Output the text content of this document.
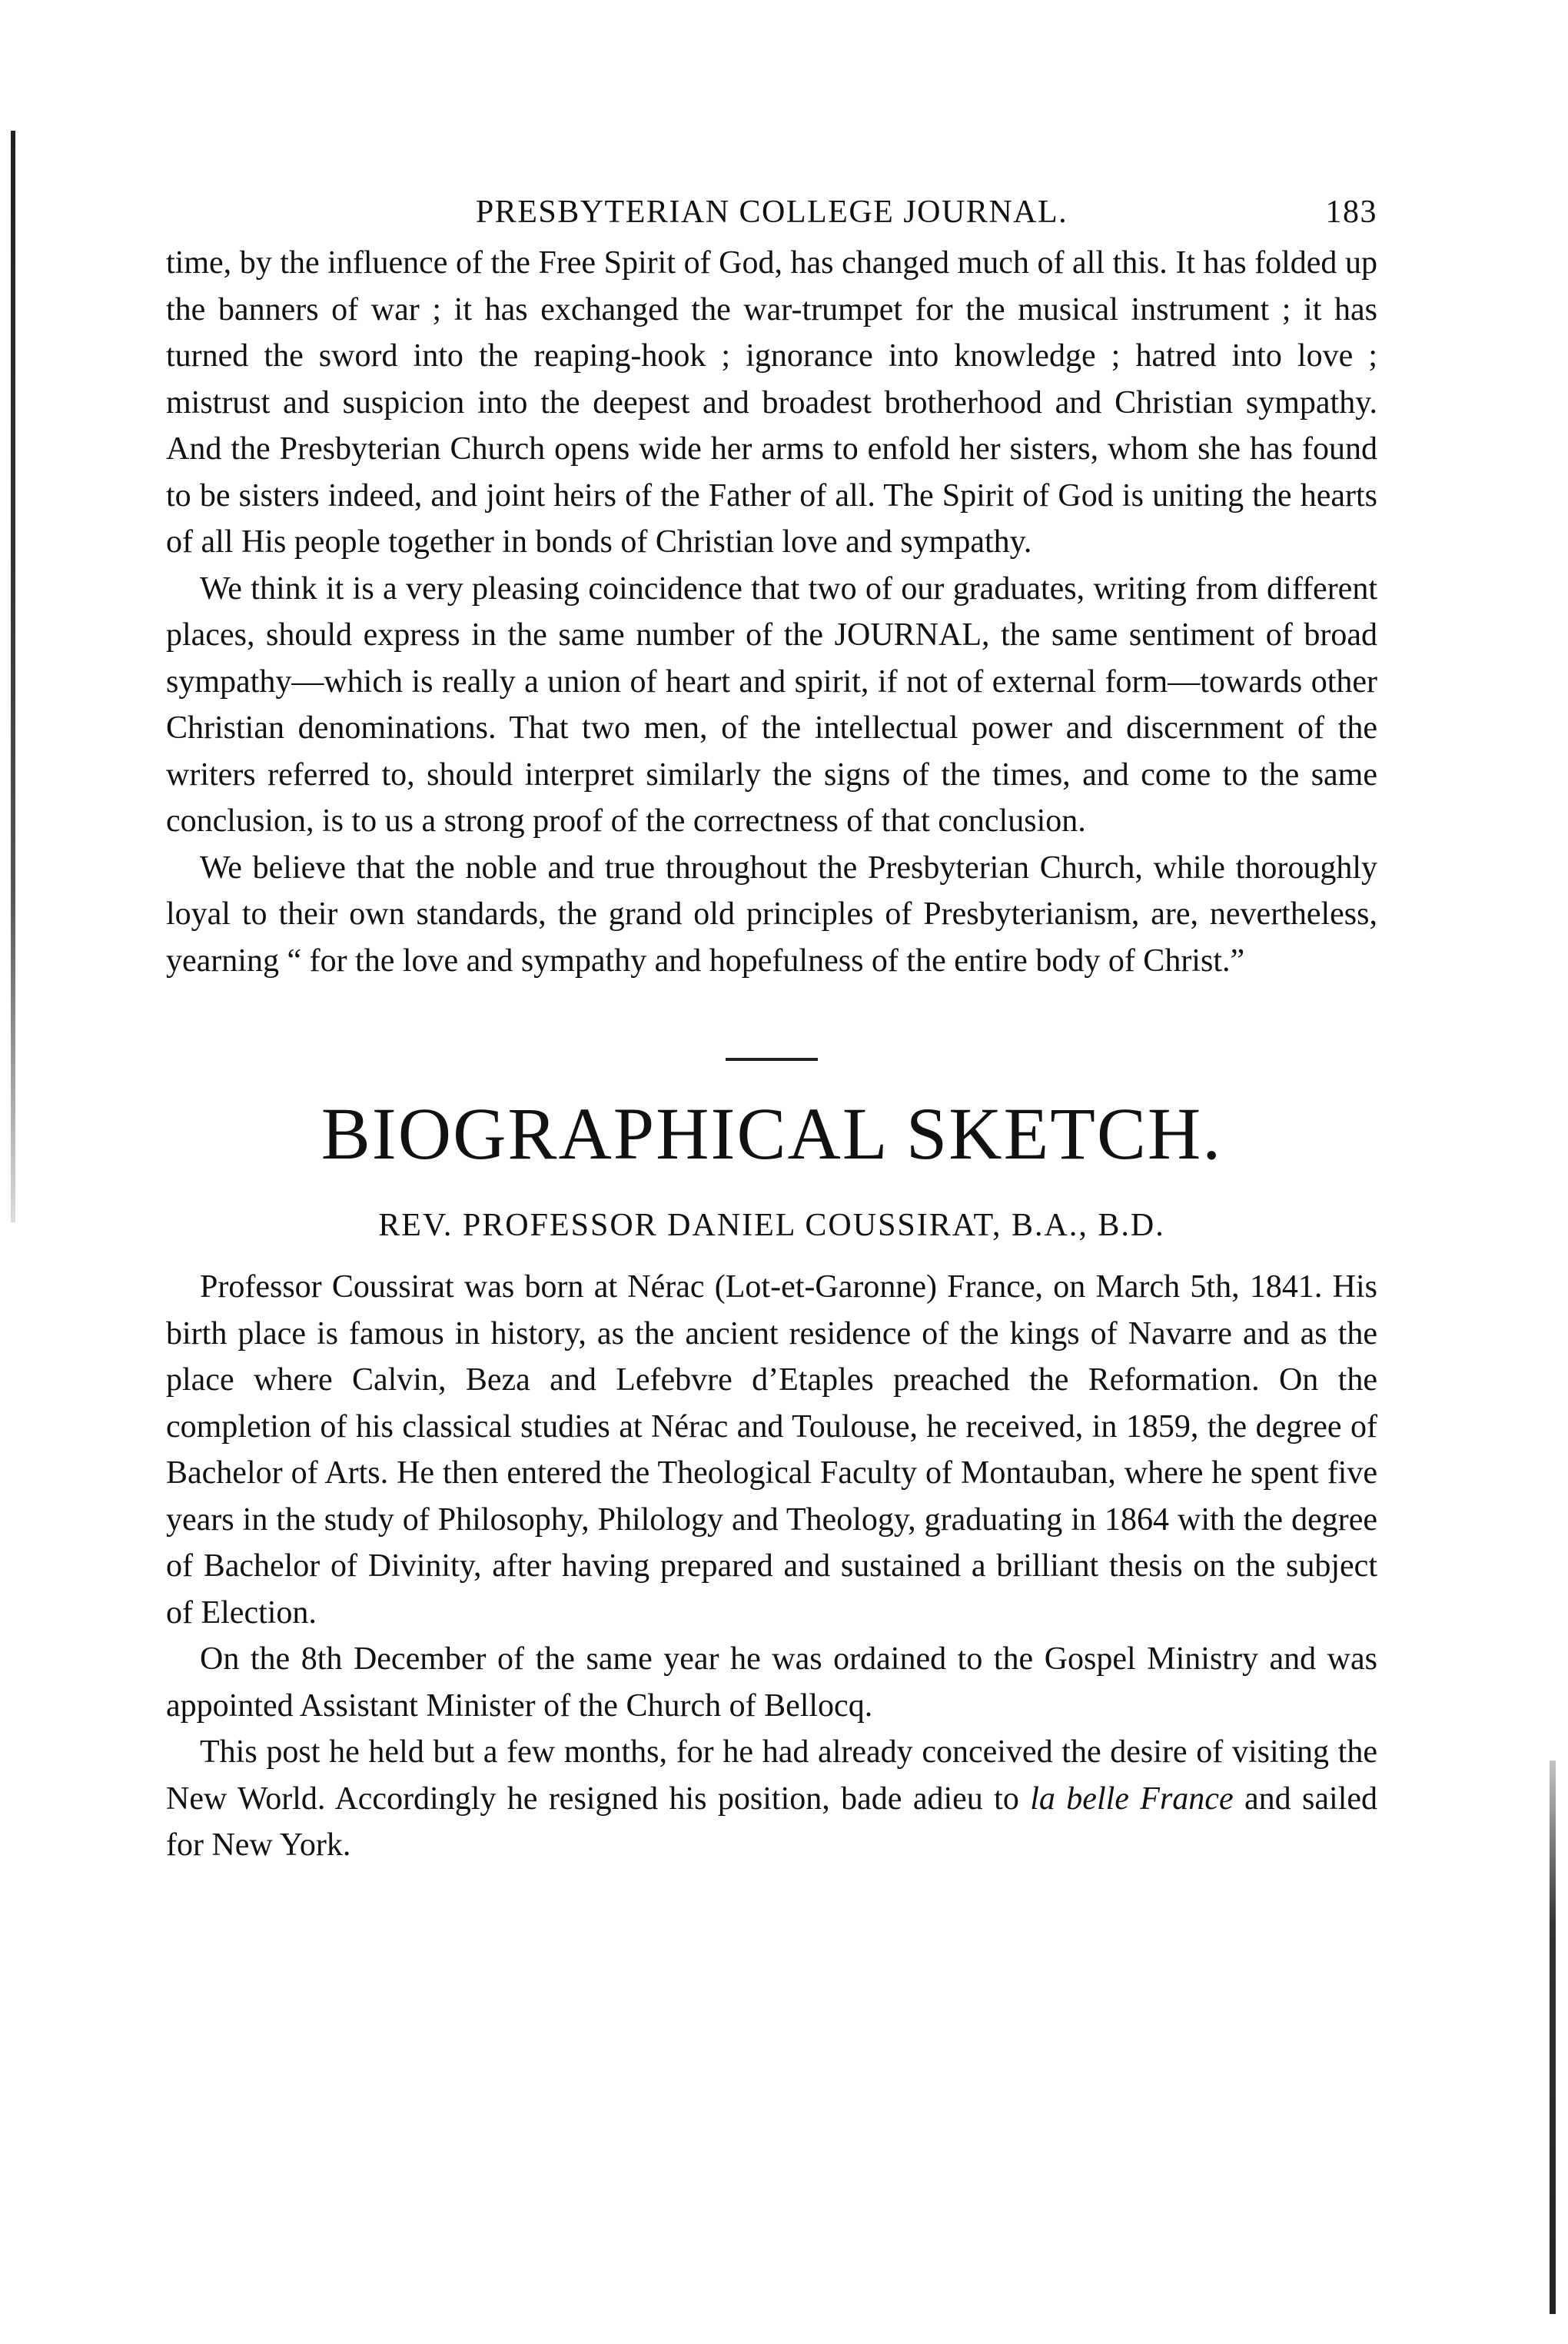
PRESBYTERIAN COLLEGE JOURNAL.	183

time, by the influence of the Free Spirit of God, has changed much of all this. It has folded up the banners of war ; it has exchanged the war-trumpet for the musical instrument ; it has turned the sword into the reaping-hook ; ignorance into knowledge ; hatred into love ; mistrust and suspicion into the deepest and broadest brotherhood and Christian sympathy. And the Presbyterian Church opens wide her arms to enfold her sisters, whom she has found to be sisters indeed, and joint heirs of the Father of all. The Spirit of God is uniting the hearts of all His people together in bonds of Christian love and sympathy.

We think it is a very pleasing coincidence that two of our graduates, writing from different places, should express in the same number of the JOURNAL, the same sentiment of broad sympathy—which is really a union of heart and spirit, if not of external form—towards other Christian denominations. That two men, of the intellectual power and discernment of the writers referred to, should interpret similarly the signs of the times, and come to the same conclusion, is to us a strong proof of the correctness of that conclusion.

We believe that the noble and true throughout the Presbyterian Church, while thoroughly loyal to their own standards, the grand old principles of Presbyterianism, are, nevertheless, yearning “ for the love and sympathy and hopefulness of the entire body of Christ.”

BIOGRAPHICAL SKETCH.
REV. PROFESSOR DANIEL COUSSIRAT, B.A., B.D.

Professor Coussirat was born at Nérac (Lot-et-Garonne) France, on March 5th, 1841. His birth place is famous in history, as the ancient residence of the kings of Navarre and as the place where Calvin, Beza and Lefebvre d’Etaples preached the Reformation. On the completion of his classical studies at Nérac and Toulouse, he received, in 1859, the degree of Bachelor of Arts. He then entered the Theological Faculty of Montauban, where he spent five years in the study of Philosophy, Philology and Theology, graduating in 1864 with the degree of Bachelor of Divinity, after having prepared and sustained a brilliant thesis on the subject of Election.

On the 8th December of the same year he was ordained to the Gospel Ministry and was appointed Assistant Minister of the Church of Bellocq.

This post he held but a few months, for he had already conceived the desire of visiting the New World. Accordingly he resigned his position, bade adieu to la belle France and sailed for New York.
